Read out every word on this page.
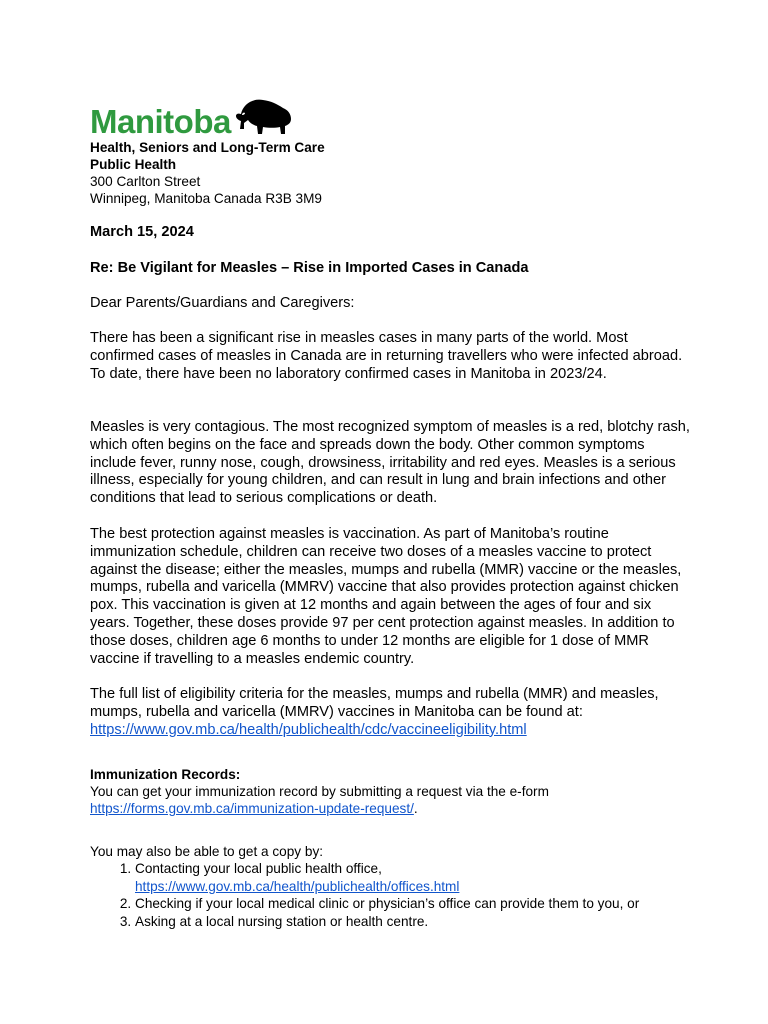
Manitoba
Health, Seniors and Long-Term Care
Public Health
300 Carlton Street
Winnipeg, Manitoba Canada R3B 3M9
March 15, 2024
Re: Be Vigilant for Measles – Rise in Imported Cases in Canada
Dear Parents/Guardians and Caregivers:
There has been a significant rise in measles cases in many parts of the world. Most confirmed cases of measles in Canada are in returning travellers who were infected abroad. To date, there have been no laboratory confirmed cases in Manitoba in 2023/24.
Measles is very contagious. The most recognized symptom of measles is a red, blotchy rash, which often begins on the face and spreads down the body. Other common symptoms include fever, runny nose, cough, drowsiness, irritability and red eyes. Measles is a serious illness, especially for young children, and can result in lung and brain infections and other conditions that lead to serious complications or death.
The best protection against measles is vaccination. As part of Manitoba’s routine immunization schedule, children can receive two doses of a measles vaccine to protect against the disease; either the measles, mumps and rubella (MMR) vaccine or the measles, mumps, rubella and varicella (MMRV) vaccine that also provides protection against chicken pox. This vaccination is given at 12 months and again between the ages of four and six years. Together, these doses provide 97 per cent protection against measles. In addition to those doses, children age 6 months to under 12 months are eligible for 1 dose of MMR vaccine if travelling to a measles endemic country.
The full list of eligibility criteria for the measles, mumps and rubella (MMR) and measles, mumps, rubella and varicella (MMRV) vaccines in Manitoba can be found at:
https://www.gov.mb.ca/health/publichealth/cdc/vaccineeligibility.html
Immunization Records:
You can get your immunization record by submitting a request via the e-form
https://forms.gov.mb.ca/immunization-update-request/.
You may also be able to get a copy by:
1. Contacting your local public health office,
https://www.gov.mb.ca/health/publichealth/offices.html
2. Checking if your local medical clinic or physician’s office can provide them to you, or
3. Asking at a local nursing station or health centre.
